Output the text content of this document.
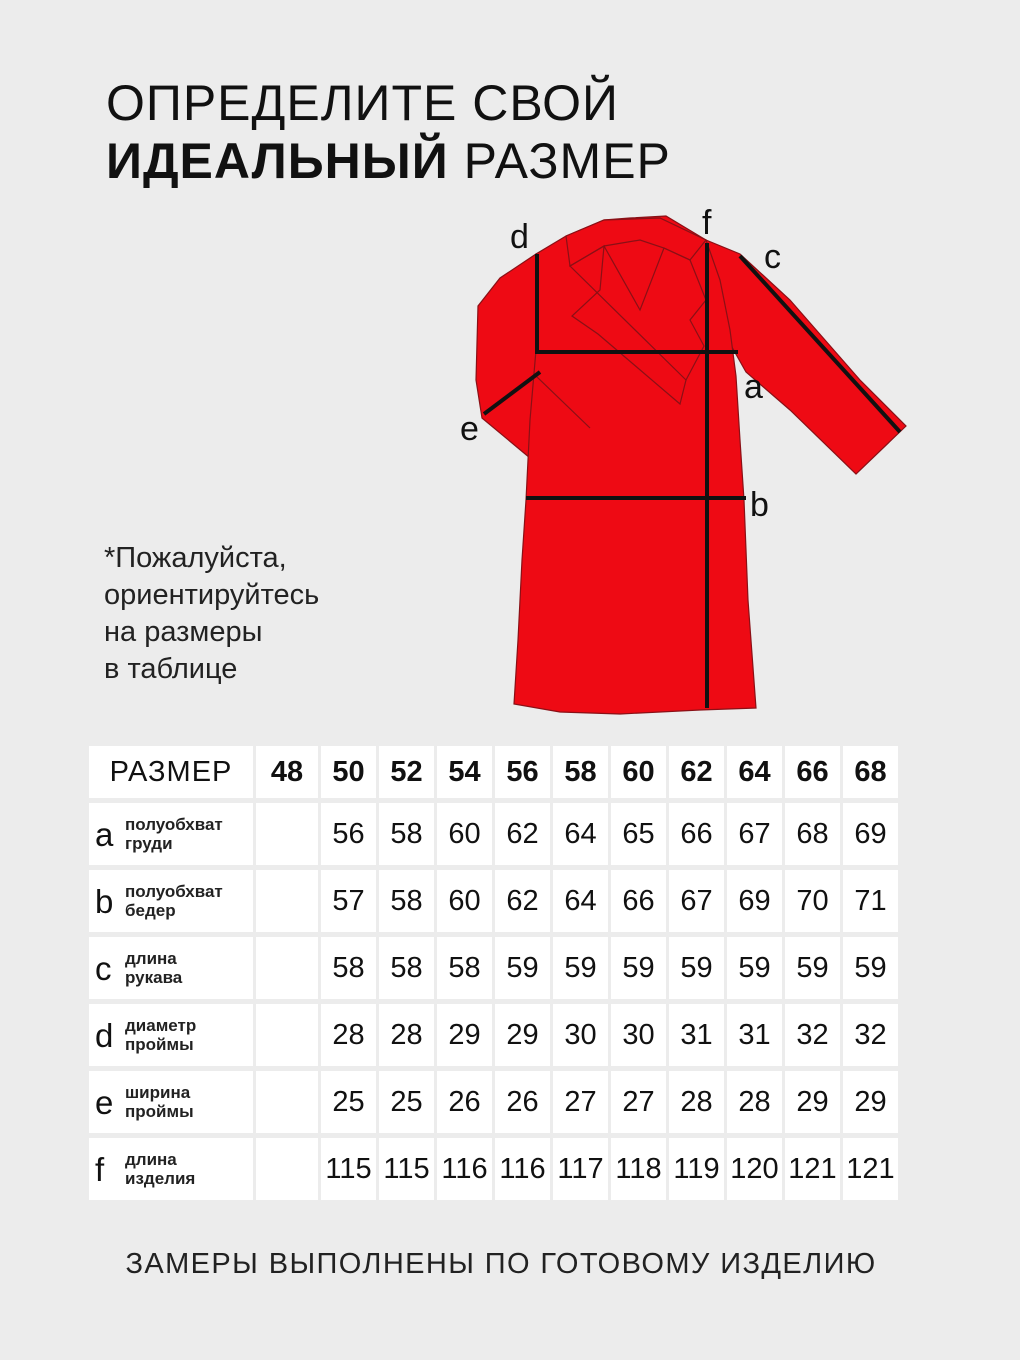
ОПРЕДЕЛИТЕ СВОЙ
ИДЕАЛЬНЫЙ РАЗМЕР
*Пожалуйста,
ориентируйтесь
на размеры
в таблице
d	f
c
a
e
b
РАЗМЕР	48	50	52	54	56	58	60	62	64	66	68

a полуобхват
груди		56	58	60	62	64	65	66	67	68	69

b полуобхват
бедер		57	58	60	62	64	66	67	69	70	71

c длина
рукава		58	58	58	59	59	59	59	59	59	59

d диаметр
проймы		28	28	29	29	30	30	31	31	32	32

e ширина
проймы		25	25	26	26	27	27	28	28	29	29

f длина
изделия		115	115	116	116	117	118	119	120	121	121
ЗАМЕРЫ ВЫПОЛНЕНЫ ПО ГОТОВОМУ ИЗДЕЛИЮ
